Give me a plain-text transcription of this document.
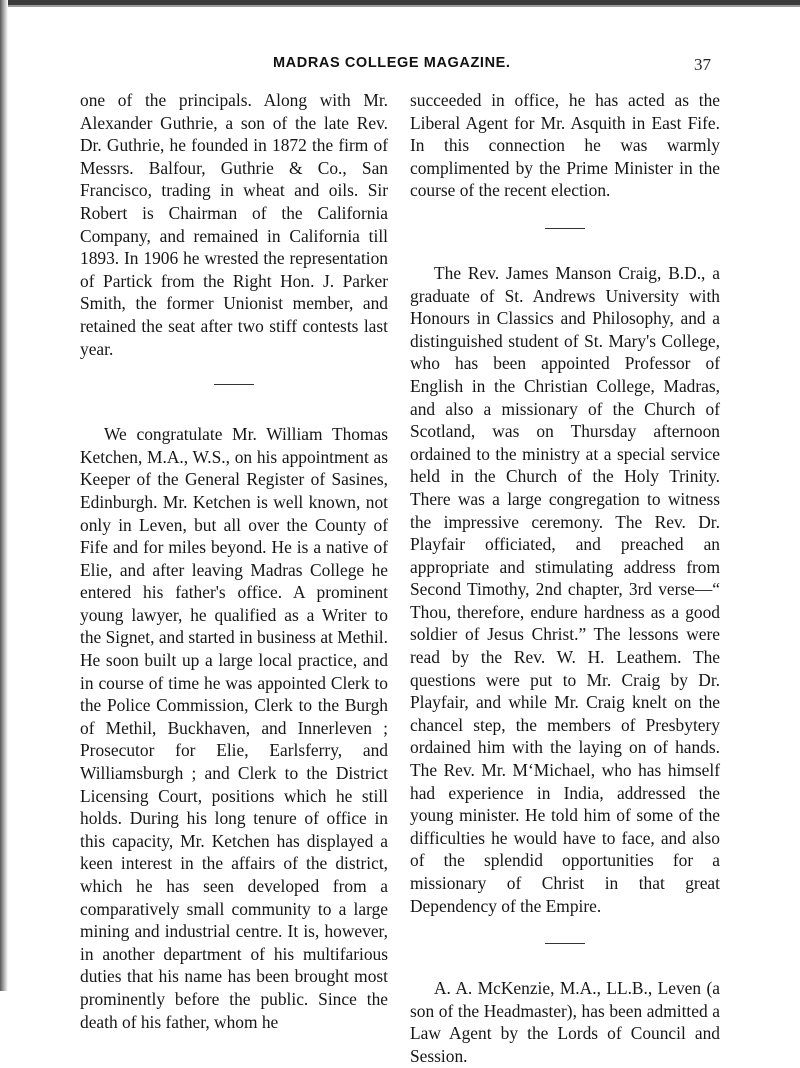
MADRAS COLLEGE MAGAZINE.	37

one of the principals. Along with Mr. Alexander Guthrie, a son of the late Rev. Dr. Guthrie, he founded in 1872 the firm of Messrs. Balfour, Guthrie & Co., San Francisco, trading in wheat and oils. Sir Robert is Chairman of the California Company, and remained in California till 1893. In 1906 he wrested the representation of Partick from the Right Hon. J. Parker Smith, the former Unionist member, and retained the seat after two stiff contests last year.

We congratulate Mr. William Thomas Ketchen, M.A., W.S., on his appointment as Keeper of the General Register of Sasines, Edinburgh. Mr. Ketchen is well known, not only in Leven, but all over the County of Fife and for miles beyond. He is a native of Elie, and after leaving Madras College he entered his father's office. A prominent young lawyer, he qualified as a Writer to the Signet, and started in business at Methil. He soon built up a large local practice, and in course of time he was appointed Clerk to the Police Commission, Clerk to the Burgh of Methil, Buckhaven, and Innerleven ; Prosecutor for Elie, Earlsferry, and Williamsburgh ; and Clerk to the District Licensing Court, positions which he still holds. During his long tenure of office in this capacity, Mr. Ketchen has displayed a keen interest in the affairs of the district, which he has seen developed from a comparatively small community to a large mining and industrial centre. It is, however, in another department of his multifarious duties that his name has been brought most prominently before the public. Since the death of his father, whom he

succeeded in office, he has acted as the Liberal Agent for Mr. Asquith in East Fife. In this connection he was warmly complimented by the Prime Minister in the course of the recent election.

The Rev. James Manson Craig, B.D., a graduate of St. Andrews University with Honours in Classics and Philosophy, and a distinguished student of St. Mary's College, who has been appointed Professor of English in the Christian College, Madras, and also a missionary of the Church of Scotland, was on Thursday afternoon ordained to the ministry at a special service held in the Church of the Holy Trinity. There was a large congregation to witness the impressive ceremony. The Rev. Dr. Playfair officiated, and preached an appropriate and stimulating address from Second Timothy, 2nd chapter, 3rd verse—“ Thou, therefore, endure hardness as a good soldier of Jesus Christ.” The lessons were read by the Rev. W. H. Leathem. The questions were put to Mr. Craig by Dr. Playfair, and while Mr. Craig knelt on the chancel step, the members of Presbytery ordained him with the laying on of hands. The Rev. Mr. M‘Michael, who has himself had experience in India, addressed the young minister. He told him of some of the difficulties he would have to face, and also of the splendid opportunities for a missionary of Christ in that great Dependency of the Empire.

A. A. McKenzie, M.A., LL.B., Leven (a son of the Headmaster), has been admitted a Law Agent by the Lords of Council and Session.
